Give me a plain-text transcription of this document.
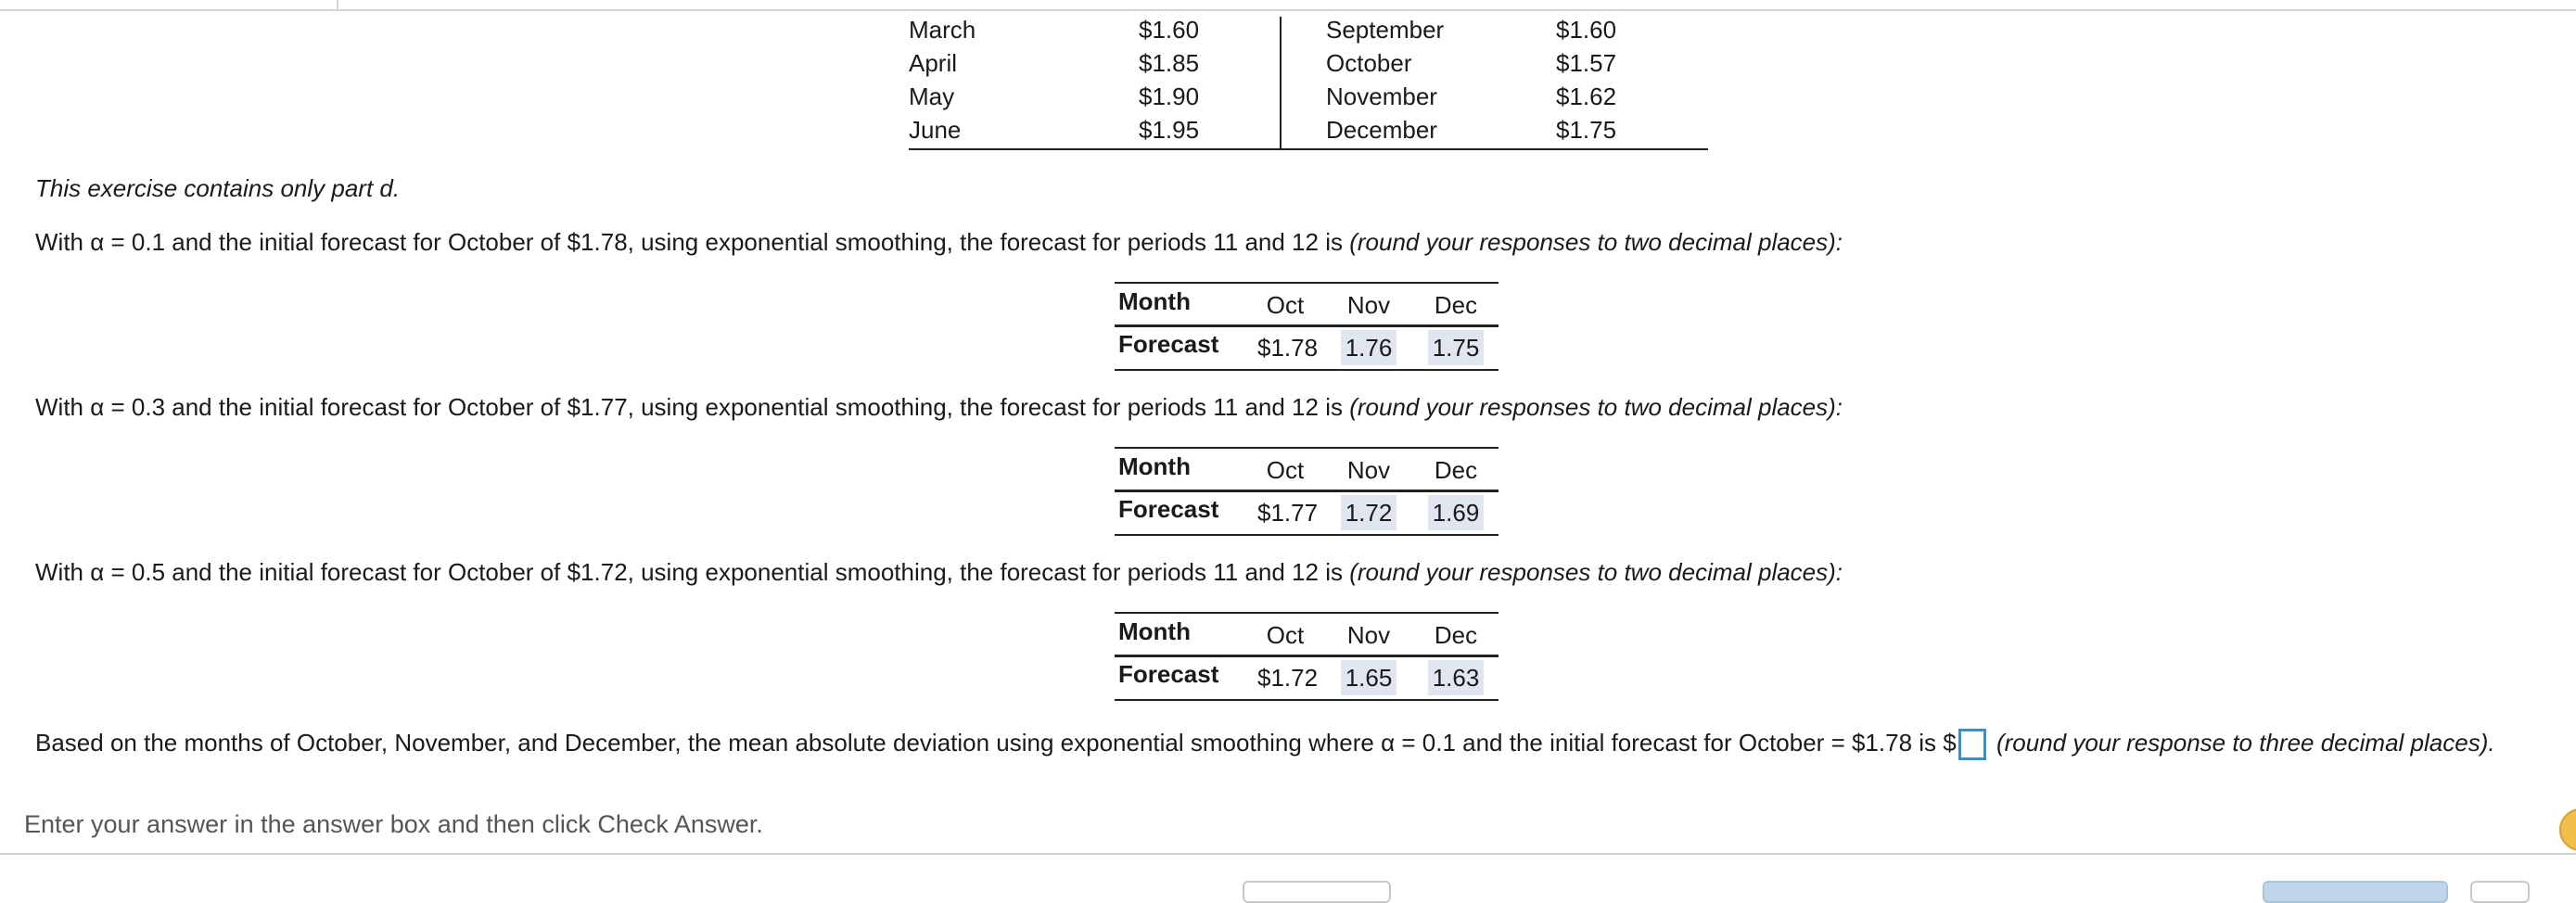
March	$1.60	September	$1.60
April	$1.85	October	$1.57
May	$1.90	November	$1.62
June	$1.95	December	$1.75
This exercise contains only part d.
With α = 0.1 and the initial forecast for October of $1.78, using exponential smoothing, the forecast for periods 11 and 12 is (round your responses to two decimal places):
Month	Oct	Nov Dec
Forecast $1.78 1.76 1.75
With α = 0.3 and the initial forecast for October of $1.77, using exponential smoothing, the forecast for periods 11 and 12 is (round your responses to two decimal places):
Month	Oct	Nov Dec
Forecast $1.77 1.72 1.69
With α = 0.5 and the initial forecast for October of $1.72, using exponential smoothing, the forecast for periods 11 and 12 is (round your responses to two decimal places):
Month	Oct	Nov Dec
Forecast $1.72 1.65 1.63
Based on the months of October, November, and December, the mean absolute deviation using exponential smoothing where α = 0.1 and the initial forecast for October = $1.78 is $ (round your response to three decimal places).
Enter your answer in the answer box and then click Check Answer.
